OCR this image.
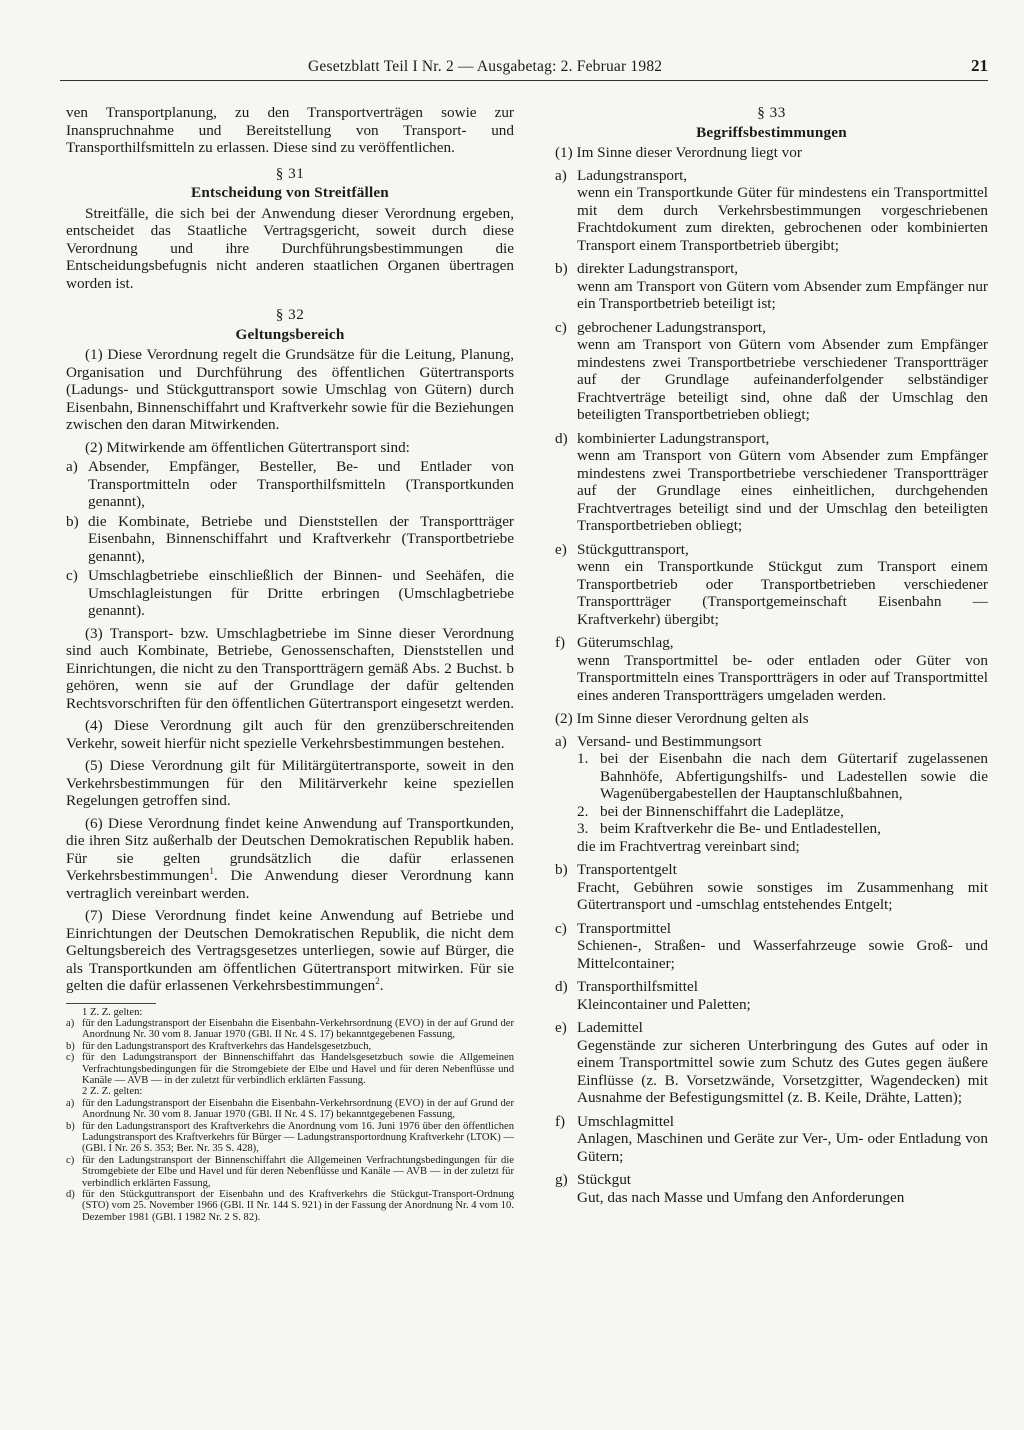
Gesetzblatt Teil I Nr. 2 — Ausgabetag: 2. Februar 1982	21

ven Transportplanung, zu den Transportverträgen sowie zur Inanspruchnahme und Bereitstellung von Transport- und Transporthilfsmitteln zu erlassen. Diese sind zu veröffentlichen.

§ 31
Entscheidung von Streitfällen

Streitfälle, die sich bei der Anwendung dieser Verordnung ergeben, entscheidet das Staatliche Vertragsgericht, soweit durch diese Verordnung und ihre Durchführungsbestimmungen die Entscheidungsbefugnis nicht anderen staatlichen Organen übertragen worden ist.

§ 32
Geltungsbereich

(1) Diese Verordnung regelt die Grundsätze für die Leitung, Planung, Organisation und Durchführung des öffentlichen Gütertransports (Ladungs- und Stückguttransport sowie Umschlag von Gütern) durch Eisenbahn, Binnenschiffahrt und Kraftverkehr sowie für die Beziehungen zwischen den daran Mitwirkenden.

(2) Mitwirkende am öffentlichen Gütertransport sind:

a) Absender, Empfänger, Besteller, Be- und Entlader von Transportmitteln oder Transporthilfsmitteln (Transportkunden genannt),
b) die Kombinate, Betriebe und Dienststellen der Transportträger Eisenbahn, Binnenschiffahrt und Kraftverkehr (Transportbetriebe genannt),
c) Umschlagbetriebe einschließlich der Binnen- und Seehäfen, die Umschlagleistungen für Dritte erbringen (Umschlagbetriebe genannt).

(3) Transport- bzw. Umschlagbetriebe im Sinne dieser Verordnung sind auch Kombinate, Betriebe, Genossenschaften, Dienststellen und Einrichtungen, die nicht zu den Transportträgern gemäß Abs. 2 Buchst. b gehören, wenn sie auf der Grundlage der dafür geltenden Rechtsvorschriften für den öffentlichen Gütertransport eingesetzt werden.

(4) Diese Verordnung gilt auch für den grenzüberschreitenden Verkehr, soweit hierfür nicht spezielle Verkehrsbestimmungen bestehen.

(5) Diese Verordnung gilt für Militärgütertransporte, soweit in den Verkehrsbestimmungen für den Militärverkehr keine speziellen Regelungen getroffen sind.

(6) Diese Verordnung findet keine Anwendung auf Transportkunden, die ihren Sitz außerhalb der Deutschen Demokratischen Republik haben. Für sie gelten grundsätzlich die dafür erlassenen Verkehrsbestimmungen$^1$. Die Anwendung dieser Verordnung kann vertraglich vereinbart werden.

(7) Diese Verordnung findet keine Anwendung auf Betriebe und Einrichtungen der Deutschen Demokratischen Republik, die nicht dem Geltungsbereich des Vertragsgesetzes unterliegen, sowie auf Bürger, die als Transportkunden am öffentlichen Gütertransport mitwirken. Für sie gelten die dafür erlassenen Verkehrsbestimmungen$^2$.

1 Z. Z. gelten:

a) für den Ladungstransport der Eisenbahn die Eisenbahn-Verkehrsordnung (EVO) in der auf Grund der Anordnung Nr. 30 vom 8. Januar 1970 (GBl. II Nr. 4 S. 17) bekanntgegebenen Fassung,
b) für den Ladungstransport des Kraftverkehrs das Handelsgesetzbuch,
c) für den Ladungstransport der Binnenschiffahrt das Handelsgesetzbuch sowie die Allgemeinen Verfrachtungsbedingungen für die Stromgebiete der Elbe und Havel und für deren Nebenflüsse und Kanäle — AVB — in der zuletzt für verbindlich erklärten Fassung.

2 Z. Z. gelten:

a) für den Ladungstransport der Eisenbahn die Eisenbahn-Verkehrsordnung (EVO) in der auf Grund der Anordnung Nr. 30 vom 8. Januar 1970 (GBl. II Nr. 4 S. 17) bekanntgegebenen Fassung,
b) für den Ladungstransport des Kraftverkehrs die Anordnung vom 16. Juni 1976 über den öffentlichen Ladungstransport des Kraftverkehrs für Bürger — Ladungstransportordnung Kraftverkehr (LTOK) — (GBl. I Nr. 26 S. 353; Ber. Nr. 35 S. 428),
c) für den Ladungstransport der Binnenschiffahrt die Allgemeinen Verfrachtungsbedingungen für die Stromgebiete der Elbe und Havel und für deren Nebenflüsse und Kanäle — AVB — in der zuletzt für verbindlich erklärten Fassung,
d) für den Stückguttransport der Eisenbahn und des Kraftverkehrs die Stückgut-Transport-Ordnung (STO) vom 25. November 1966 (GBl. II Nr. 144 S. 921) in der Fassung der Anordnung Nr. 4 vom 10. Dezember 1981 (GBl. I 1982 Nr. 2 S. 82).
§ 33
Begriffsbestimmungen

(1) Im Sinne dieser Verordnung liegt vor

a) Ladungstransport,
wenn ein Transportkunde Güter für mindestens ein Transportmittel mit dem durch Verkehrsbestimmungen vorgeschriebenen Frachtdokument zum direkten, gebrochenen oder kombinierten Transport einem Transportbetrieb übergibt;
b) direkter Ladungstransport,
wenn am Transport von Gütern vom Absender zum Empfänger nur ein Transportbetrieb beteiligt ist;
c) gebrochener Ladungstransport,
wenn am Transport von Gütern vom Absender zum Empfänger mindestens zwei Transportbetriebe verschiedener Transportträger auf der Grundlage aufeinanderfolgender selbständiger Frachtverträge beteiligt sind, ohne daß der Umschlag den beteiligten Transportbetrieben obliegt;
d) kombinierter Ladungstransport,
wenn am Transport von Gütern vom Absender zum Empfänger mindestens zwei Transportbetriebe verschiedener Transportträger auf der Grundlage eines einheitlichen, durchgehenden Frachtvertrages beteiligt sind und der Umschlag den beteiligten Transportbetrieben obliegt;
e) Stückguttransport,
wenn ein Transportkunde Stückgut zum Transport einem Transportbetrieb oder Transportbetrieben verschiedener Transportträger (Transportgemeinschaft Eisenbahn — Kraftverkehr) übergibt;
f) Güterumschlag,
wenn Transportmittel be- oder entladen oder Güter von Transportmitteln eines Transportträgers in oder auf Transportmittel eines anderen Transportträgers umgeladen werden.

(2) Im Sinne dieser Verordnung gelten als

a) Versand- und Bestimmungsort
1. bei der Eisenbahn die nach dem Gütertarif zugelassenen Bahnhöfe, Abfertigungshilfs- und Ladestellen sowie die Wagenübergabestellen der Hauptanschlußbahnen,
2. bei der Binnenschiffahrt die Ladeplätze,
3. beim Kraftverkehr die Be- und Entladestellen,
die im Frachtvertrag vereinbart sind;
b) Transportentgelt
Fracht, Gebühren sowie sonstiges im Zusammenhang mit Gütertransport und -umschlag entstehendes Entgelt;
c) Transportmittel
Schienen-, Straßen- und Wasserfahrzeuge sowie Groß- und Mittelcontainer;
d) Transporthilfsmittel
Kleincontainer und Paletten;
e) Lademittel
Gegenstände zur sicheren Unterbringung des Gutes auf oder in einem Transportmittel sowie zum Schutz des Gutes gegen äußere Einflüsse (z. B. Vorsetzwände, Vorsetzgitter, Wagendecken) mit Ausnahme der Befestigungsmittel (z. B. Keile, Drähte, Latten);
f) Umschlagmittel
Anlagen, Maschinen und Geräte zur Ver-, Um- oder Entladung von Gütern;
g) Stückgut
Gut, das nach Masse und Umfang den Anforderungen
